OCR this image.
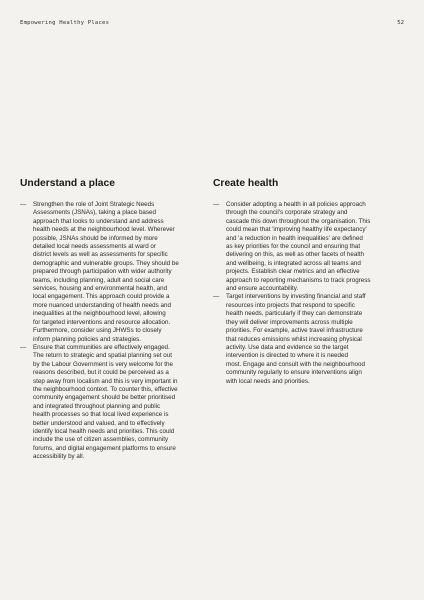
Empowering Healthy Places	52
Understand a place
—	Strengthen the role of Joint Strategic Needs
Assessments (JSNAs), taking a place based
approach that looks to understand and address
health needs at the neighbourhood level. Wherever
possible, JSNAs should be informed by more
detailed local needs assessments at ward or
district levels as well as assessments for specific
demographic and vulnerable groups. They should be
prepared through participation with wider authority
teams, including planning, adult and social care
services, housing and environmental health, and
local engagement. This approach could provide a
more nuanced understanding of health needs and
inequalities at the neighbourhood level, allowing
for targeted interventions and resource allocation.
Furthermore, consider using JHWSs to closely
inform planning policies and strategies.
—	Ensure that communities are effectively engaged.
The return to strategic and spatial planning set out
by the Labour Government is very welcome for the
reasons described, but it could be perceived as a
step away from localism and this is very important in
the neighbourhood context. To counter this, effective
community engagement should be better prioritised
and integrated throughout planning and public
health processes so that local lived experience is
better understood and valued, and to effectively
identify local health needs and priorities. This could
include the use of citizen assemblies, community
forums, and digital engagement platforms to ensure
accessibility by all.
Create health
—	Consider adopting a health in all policies approach
through the council's corporate strategy and
cascade this down throughout the organisation. This
could mean that 'improving healthy life expectancy'
and 'a reduction in health inequalities' are defined
as key priorities for the council and ensuring that
delivering on this, as well as other facets of health
and wellbeing, is integrated across all teams and
projects. Establish clear metrics and an effective
approach to reporting mechanisms to track progress
and ensure accountability.
—	Target interventions by investing financial and staff
resources into projects that respond to specific
health needs, particularly if they can demonstrate
they will deliver improvements across multiple
priorities. For example, active travel infrastructure
that reduces emissions whilst increasing physical
activity. Use data and evidence so the target
intervention is directed to where it is needed
most. Engage and consult with the neighbourhood
community regularly to ensure interventions align
with local needs and priorities.
